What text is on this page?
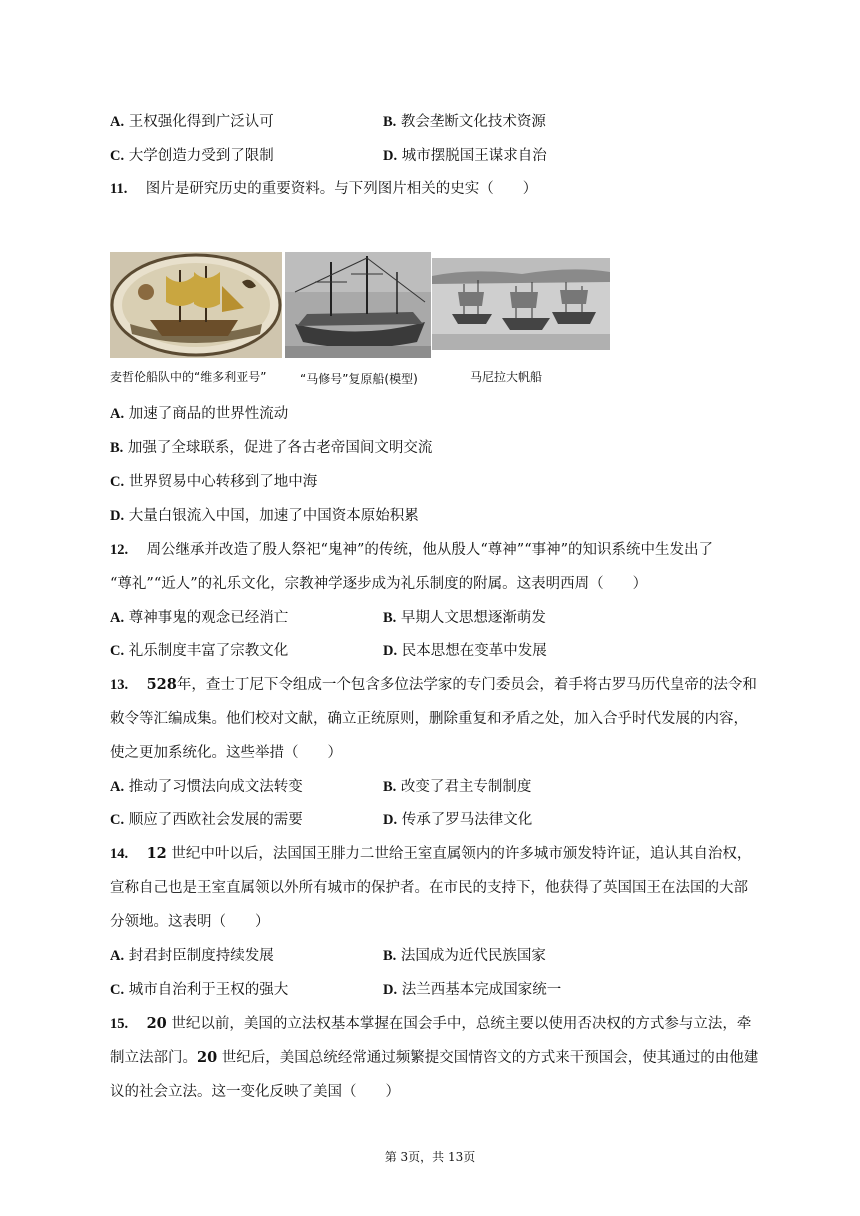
A. 王权强化得到广泛认可	B. 教会垄断文化技术资源
C. 大学创造力受到了限制	D. 城市摆脱国王谋求自治
11. 图片是研究历史的重要资料。与下列图片相关的史实（　　）
麦哲伦船队中的“维多利亚号”	“马修号”复原船(模型)	马尼拉大帆船
A. 加速了商品的世界性流动
B. 加强了全球联系，促进了各古老帝国间文明交流
C. 世界贸易中心转移到了地中海
D. 大量白银流入中国，加速了中国资本原始积累
12. 周公继承并改造了殷人祭祀“鬼神”的传统，他从殷人“尊神”“事神”的知识系统中生发出了
“尊礼”“近人”的礼乐文化，宗教神学逐步成为礼乐制度的附属。这表明西周（　　）
A. 尊神事鬼的观念已经消亡	B. 早期人文思想逐渐萌发
C. 礼乐制度丰富了宗教文化	D. 民本思想在变革中发展
13. 528年，查士丁尼下令组成一个包含多位法学家的专门委员会，着手将古罗马历代皇帝的法令和
敕令等汇编成集。他们校对文献，确立正统原则，删除重复和矛盾之处，加入合乎时代发展的内容，
使之更加系统化。这些举措（　　）
A. 推动了习惯法向成文法转变	B. 改变了君主专制制度
C. 顺应了西欧社会发展的需要	D. 传承了罗马法律文化
14. 12 世纪中叶以后，法国国王腓力二世给王室直属领内的许多城市颁发特许证，追认其自治权，
宣称自己也是王室直属领以外所有城市的保护者。在市民的支持下，他获得了英国国王在法国的大部
分领地。这表明（　　）
A. 封君封臣制度持续发展	B. 法国成为近代民族国家
C. 城市自治利于王权的强大	D. 法兰西基本完成国家统一
15. 20 世纪以前，美国的立法权基本掌握在国会手中，总统主要以使用否决权的方式参与立法，牵
制立法部门。20 世纪后，美国总统经常通过频繁提交国情咨文的方式来干预国会，使其通过的由他建
议的社会立法。这一变化反映了美国（　　）
第 3页，共 13页
